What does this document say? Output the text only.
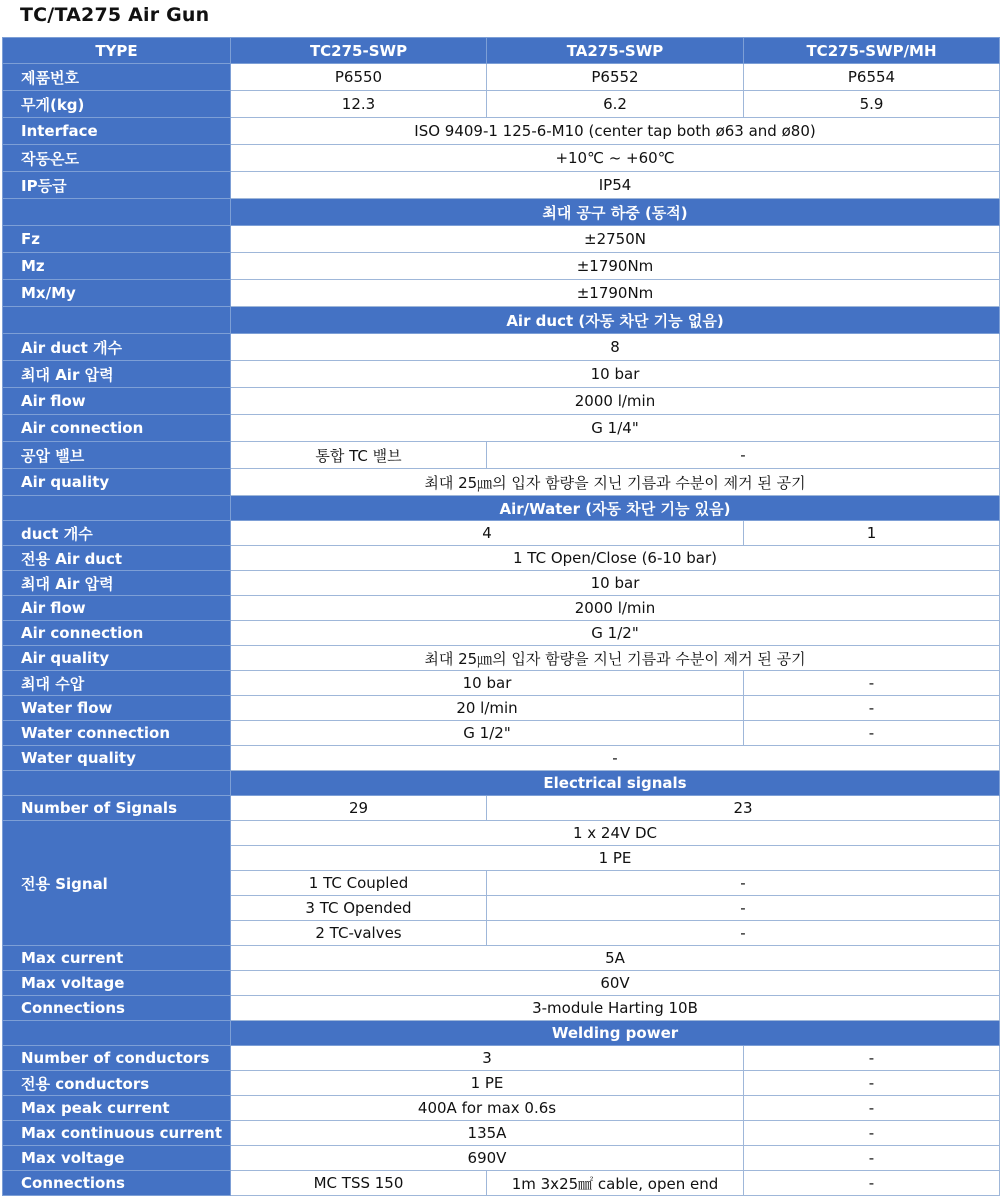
TC/TA275 Air Gun
TYPE	TC275-SWP	TA275-SWP	TC275-SWP/MH
제품번호	P6550	P6552	P6554
무게(kg)	12.3	6.2	5.9
Interface	ISO 9409-1 125-6-M10 (center tap both ø63 and ø80)		
작동온도	+10℃ ~ +60℃		
IP등급	IP54		
	최대 공구 하중 (동적)		
Fz	±2750N		
Mz	±1790Nm		
Mx/My	±1790Nm		
	Air duct (자동 차단 기능 없음)		
Air duct 개수	8		
최대 Air 압력	10 bar		
Air flow	2000 l/min		
Air connection	G 1/4"		
공압 밸브	통합 TC 밸브	-	
Air quality	최대 25㎛의 입자 함량을 지닌 기름과 수분이 제거 된 공기		
	Air/Water (자동 차단 기능 있음)		
duct 개수	4		1
전용 Air duct	1 TC Open/Close (6-10 bar)		
최대 Air 압력	10 bar		
Air flow	2000 l/min		
Air connection	G 1/2"		
Air quality	최대 25㎛의 입자 함량을 지닌 기름과 수분이 제거 된 공기		
최대 수압	10 bar		-
Water flow	20 l/min		-
Water connection	G 1/2"		-
Water quality	-		
	Electrical signals		
Number of Signals	29	23	
전용 Signal	1 x 24V DC		
	1 PE		
	1 TC Coupled	-	
	3 TC Opended	-	
	2 TC-valves	-	
Max current	5A		
Max voltage	60V		
Connections	3-module Harting 10B		
	Welding power		
Number of conductors	3		-
전용 conductors	1 PE		-
Max peak current	400A for max 0.6s		-
Max continuous current	135A		-
Max voltage	690V		-
Connections	MC TSS 150	1m 3x25㎟ cable, open end	-
